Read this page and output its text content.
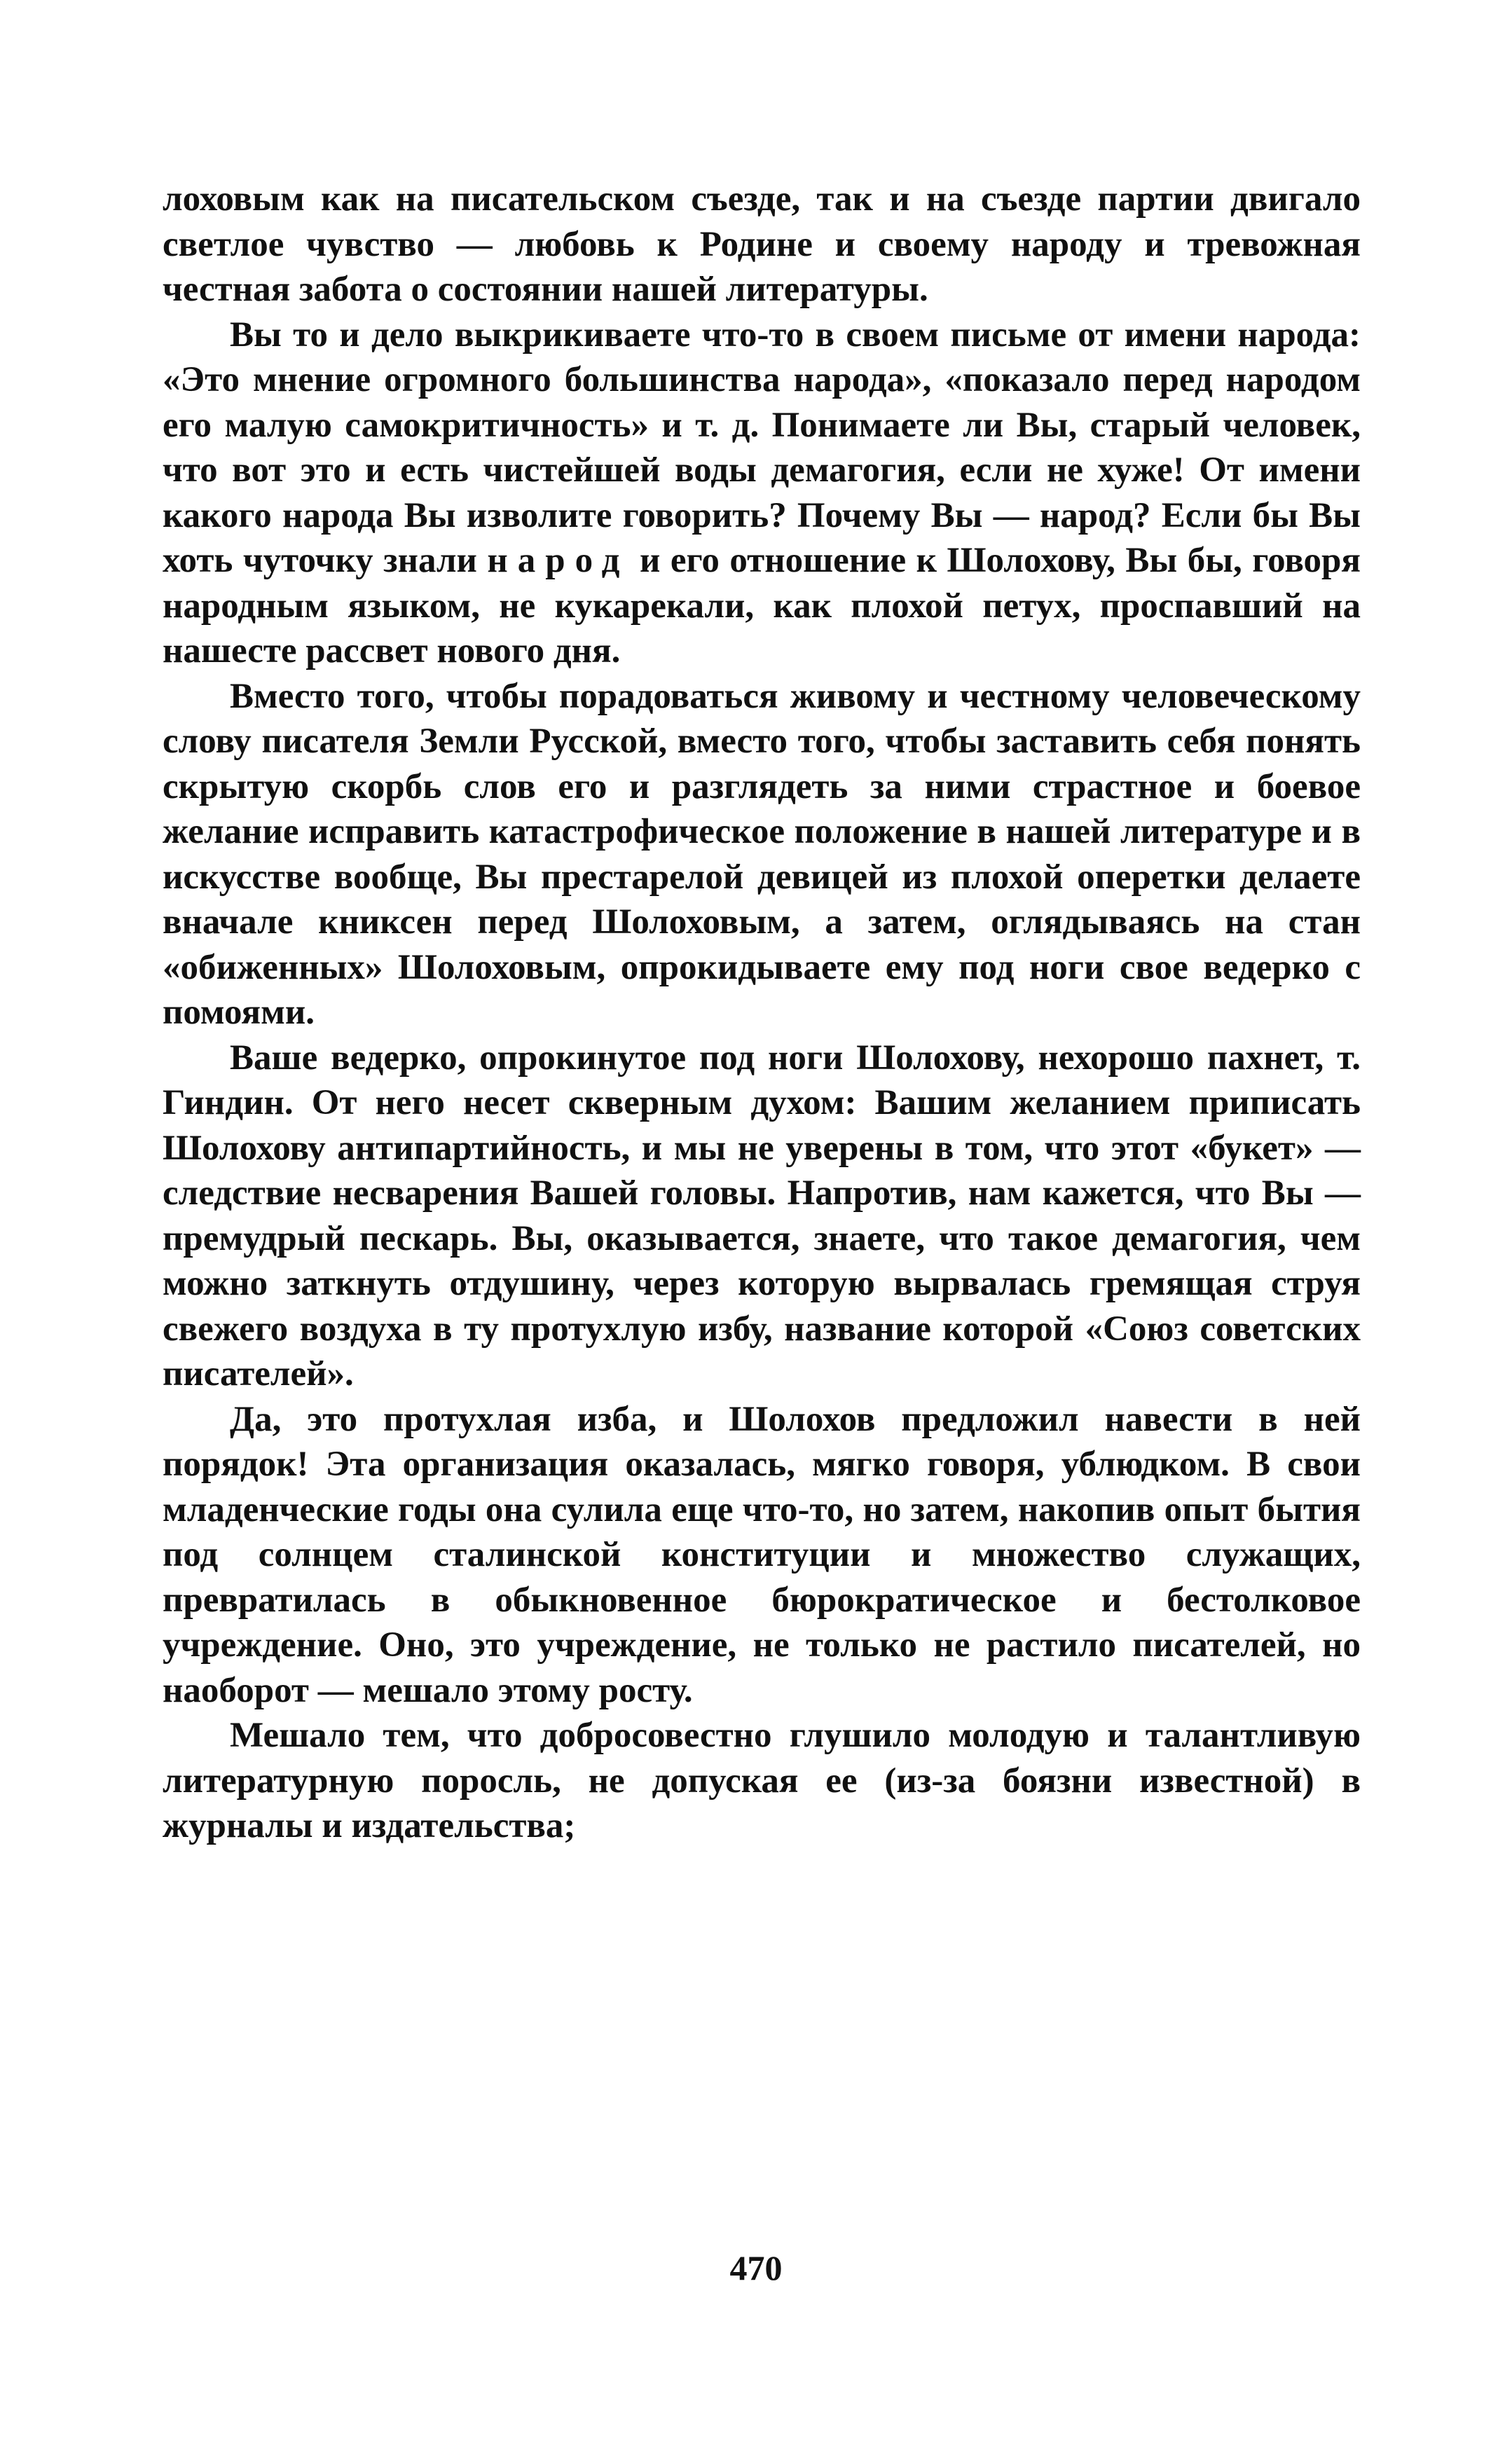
лоховым как на писательском съезде, так и на съезде партии двигало светлое чувство — любовь к Родине и своему народу и тревожная честная забота о состоянии нашей литературы.

Вы то и дело выкрикиваете что-то в своем письме от имени народа: «Это мнение огромного большинства народа», «показало перед народом его малую самокритичность» и т. д. Понимаете ли Вы, старый человек, что вот это и есть чистейшей воды демагогия, если не хуже! От имени какого народа Вы изволите говорить? Почему Вы — народ? Если бы Вы хоть чуточку знали народ и его отношение к Шолохову, Вы бы, говоря народным языком, не кукарекали, как плохой петух, проспавший на нашесте рассвет нового дня.

Вместо того, чтобы порадоваться живому и честному человеческому слову писателя Земли Русской, вместо того, чтобы заставить себя понять скрытую скорбь слов его и разглядеть за ними страстное и боевое желание исправить катастрофическое положение в нашей литературе и в искусстве вообще, Вы престарелой девицей из плохой оперетки делаете вначале книксен перед Шолоховым, а затем, оглядываясь на стан «обиженных» Шолоховым, опрокидываете ему под ноги свое ведерко с помоями.

Ваше ведерко, опрокинутое под ноги Шолохову, нехорошо пахнет, т. Гиндин. От него несет скверным духом: Вашим желанием приписать Шолохову антипартийность, и мы не уверены в том, что этот «букет» — следствие несварения Вашей головы. Напротив, нам кажется, что Вы — премудрый пескарь. Вы, оказывается, знаете, что такое демагогия, чем можно заткнуть отдушину, через которую вырвалась гремящая струя свежего воздуха в ту протухлую избу, название которой «Союз советских писателей».

Да, это протухлая изба, и Шолохов предложил навести в ней порядок! Эта организация оказалась, мягко говоря, ублюдком. В свои младенческие годы она сулила еще что-то, но затем, накопив опыт бытия под солнцем сталинской конституции и множество служащих, превратилась в обыкновенное бюрократическое и бестолковое учреждение. Оно, это учреждение, не только не растило писателей, но наоборот — мешало этому росту.

Мешало тем, что добросовестно глушило молодую и талантливую литературную поросль, не допуская ее (из-за боязни известной) в журналы и издательства;

470
